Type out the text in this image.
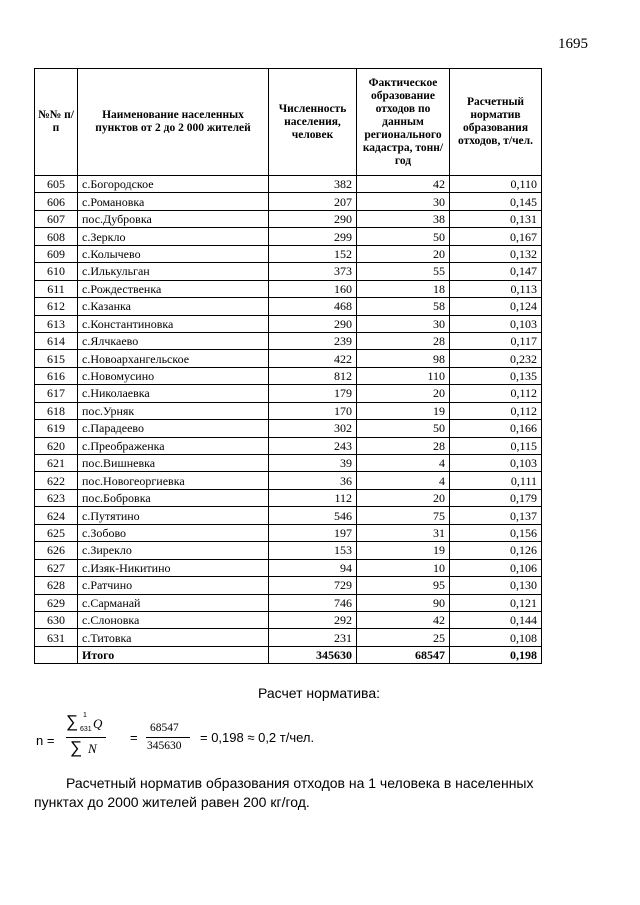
1695
№№ п/п	Наименование населенных пунктов от 2 до 2 000 жителей	Численность населения, человек	Фактическое образование отходов по данным регионального кадастра, тонн/год	Расчетный норматив образования отходов, т/чел.
605	с.Богородское	382	42	0,110
606	с.Романовка	207	30	0,145
607	пос.Дубровка	290	38	0,131
608	с.Зеркло	299	50	0,167
609	с.Колычево	152	20	0,132
610	с.Илькульган	373	55	0,147
611	с.Рождественка	160	18	0,113
612	с.Казанка	468	58	0,124
613	с.Константиновка	290	30	0,103
614	с.Ялчкаево	239	28	0,117
615	с.Новоархангельское	422	98	0,232
616	с.Новомусино	812	110	0,135
617	с.Николаевка	179	20	0,112
618	пос.Урняк	170	19	0,112
619	с.Парадеево	302	50	0,166
620	с.Преображенка	243	28	0,115
621	пос.Вишневка	39	4	0,103
622	пос.Новогеоргиевка	36	4	0,111
623	пос.Бобровка	112	20	0,179
624	с.Путятино	546	75	0,137
625	с.Зобово	197	31	0,156
626	с.Зирекло	153	19	0,126
627	с.Изяк-Никитино	94	10	0,106
628	с.Ратчино	729	95	0,130
629	с.Сарманай	746	90	0,121
630	с.Слоновка	292	42	0,144
631	с.Титовка	231	25	0,108
	Итого	345630	68547	0,198
Расчет норматива:
n =
∑ 1
631 Q
∑ N
=
68547
345630
= 0,198 ≈ 0,2 т/чел.

Расчетный норматив образования отходов на 1 человека в населенных пунктах до 2000 жителей равен 200 кг/год.
